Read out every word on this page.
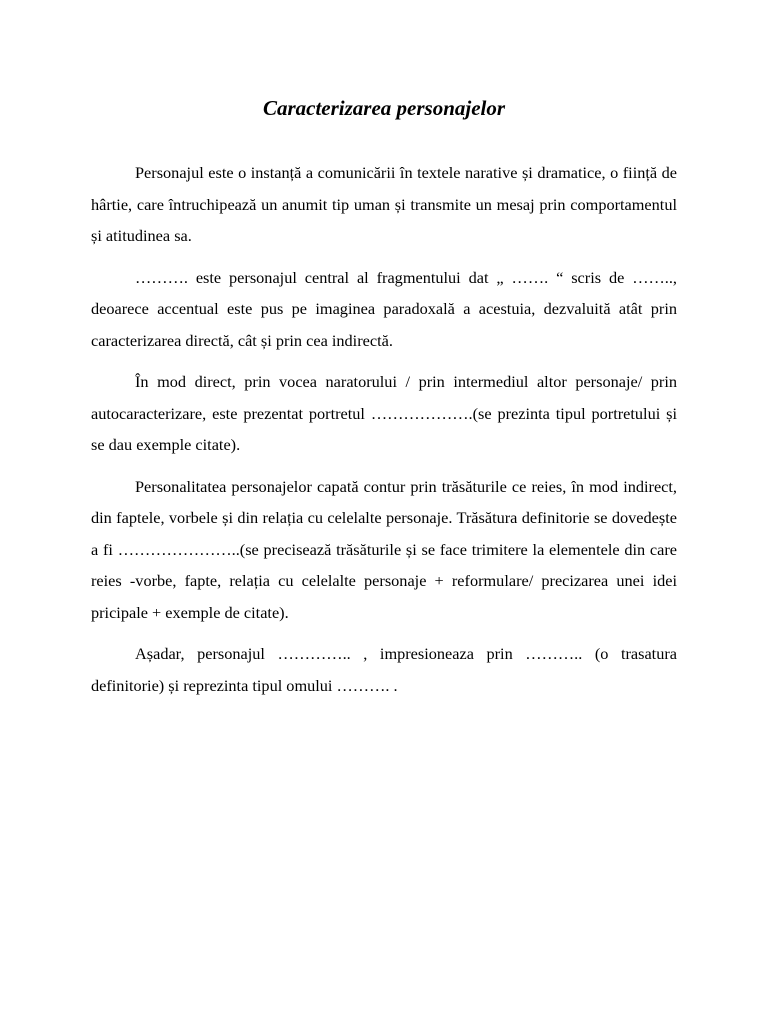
Caracterizarea personajelor

Personajul este o instanță a comunicării în textele narative și dramatice, o ființă de hârtie, care întruchipează un anumit tip uman și transmite un mesaj prin comportamentul și atitudinea sa.

………. este personajul central al fragmentului dat „ ……. “ scris de …….., deoarece accentual este pus pe imaginea paradoxală a acestuia, dezvaluită atât prin caracterizarea directă, cât și prin cea indirectă.

În mod direct, prin vocea naratorului / prin intermediul altor personaje/ prin autocaracterizare, este prezentat portretul ……………….(se prezinta tipul portretului și se dau exemple citate).

Personalitatea personajelor capată contur prin trăsăturile ce reies, în mod indirect, din faptele, vorbele și din relația cu celelalte personaje. Trăsătura definitorie se dovedește a fi …………………..(se precisează trăsăturile și se face trimitere la elementele din care reies -vorbe, fapte, relația cu celelalte personaje + reformulare/ precizarea unei idei pricipale + exemple de citate).

Așadar, personajul ………….. , impresioneaza prin ……….. (o trasatura definitorie) și reprezinta tipul omului ………. .
